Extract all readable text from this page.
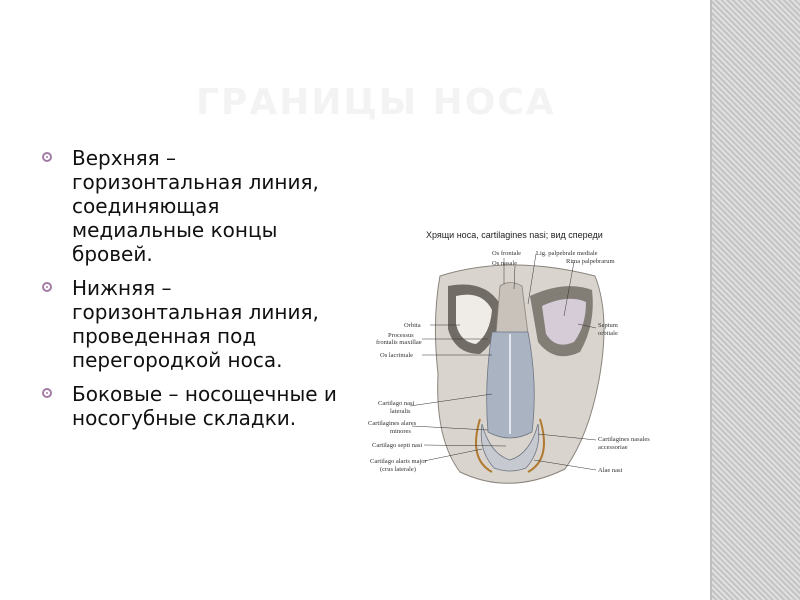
ГРАНИЦЫ НОСА
Верхняя – горизонтальная линия, соединяющая медиальные концы бровей.
Нижняя – горизонтальная линия, проведенная под перегородкой носа.
Боковые – носощечные и носогубные складки.
Хрящи носа, cartilagines nasi; вид спереди
Os frontale
Os nasale
Lig. palpebrale mediale
Rima palpebrarum
Orbita
Processus
frontalis maxillae
Os lacrimale
Septum
orbitale
Cartilago nasi
lateralis
Cartilagines alares
minores
Cartilago septi nasi
Cartilago alaris major
(crus laterale)
Cartilagines nasales
accessoriae
Alae nasi
